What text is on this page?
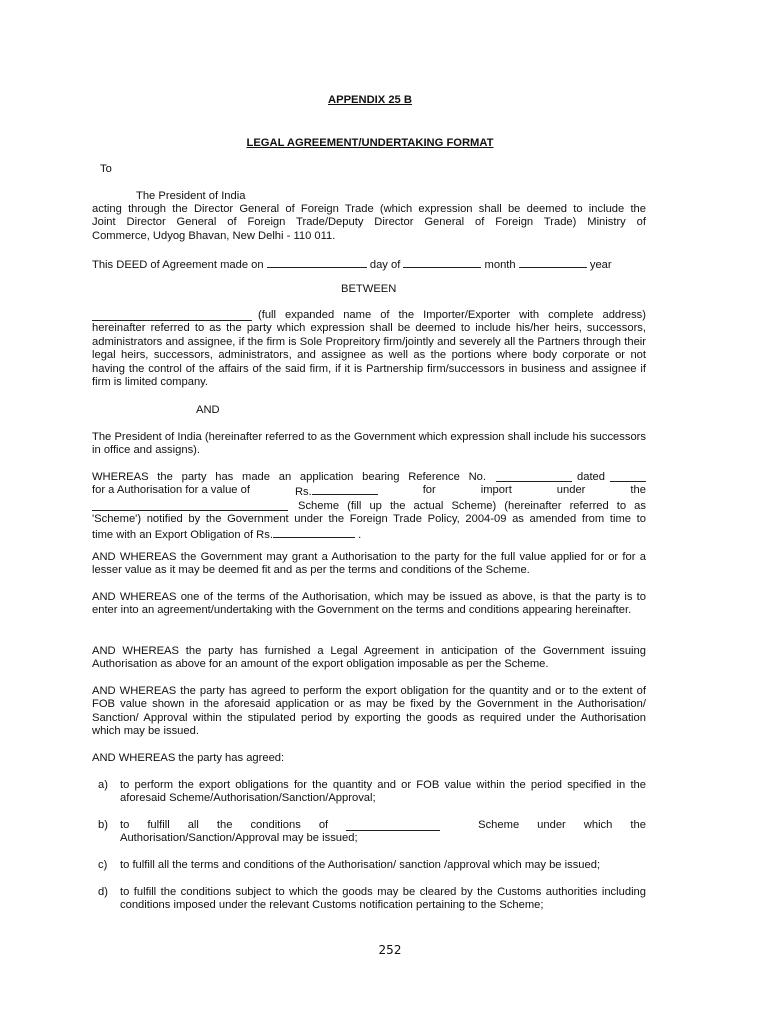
APPENDIX 25 B
LEGAL AGREEMENT/UNDERTAKING FORMAT
To
The President of India
acting through the Director General of Foreign Trade (which expression shall be deemed to include the
Joint Director General of Foreign Trade/Deputy Director General of Foreign Trade) Ministry of
Commerce, Udyog Bhavan, New Delhi - 110 011.
This DEED of Agreement made on	day of	month	year
BETWEEN
(full expanded name of the Importer/Exporter with complete address)
hereinafter referred to as the party which expression shall be deemed to include his/her heirs, successors, administrators and assignee, if the firm is Sole Propreitory firm/jointly and severely all the Partners through their legal heirs, successors, administrators, and assignee as well as the portions where body corporate or not having the control of the affairs of the said firm, if it is Partnership firm/successors in business and assignee if firm is limited company.
AND
The President of India (hereinafter referred to as the Government which expression shall include his successors in office and assigns).
WHEREAS the party has made an application bearing Reference No.	dated
for a Authorisation for a value of	Rs.	for	import	under	the
Scheme (fill up the actual Scheme) (hereinafter referred to as
'Scheme') notified by the Government under the Foreign Trade Policy, 2004-09 as amended from time to
time with an Export Obligation of Rs.	.
AND WHEREAS the Government may grant a Authorisation to the party for the full value applied for or for a lesser value as it may be deemed fit and as per the terms and conditions of the Scheme.
AND WHEREAS one of the terms of the Authorisation, which may be issued as above, is that the party is to enter into an agreement/undertaking with the Government on the terms and conditions appearing hereinafter.
AND WHEREAS the party has furnished a Legal Agreement in anticipation of the Government issuing Authorisation as above for an amount of the export obligation imposable as per the Scheme.
AND WHEREAS the party has agreed to perform the export obligation for the quantity and or to the extent of FOB value shown in the aforesaid application or as may be fixed by the Government in the Authorisation/ Sanction/ Approval within the stipulated period by exporting the goods as required under the Authorisation which may be issued.
AND WHEREAS the party has agreed:
a) to perform the export obligations for the quantity and or FOB value within the period specified in the aforesaid Scheme/Authorisation/Sanction/Approval;
b) to fulfill all the conditions of	Scheme under which the
Authorisation/Sanction/Approval may be issued;
c) to fulfill all the terms and conditions of the Authorisation/ sanction /approval which may be issued;
d) to fulfill the conditions subject to which the goods may be cleared by the Customs authorities including conditions imposed under the relevant Customs notification pertaining to the Scheme;
252
